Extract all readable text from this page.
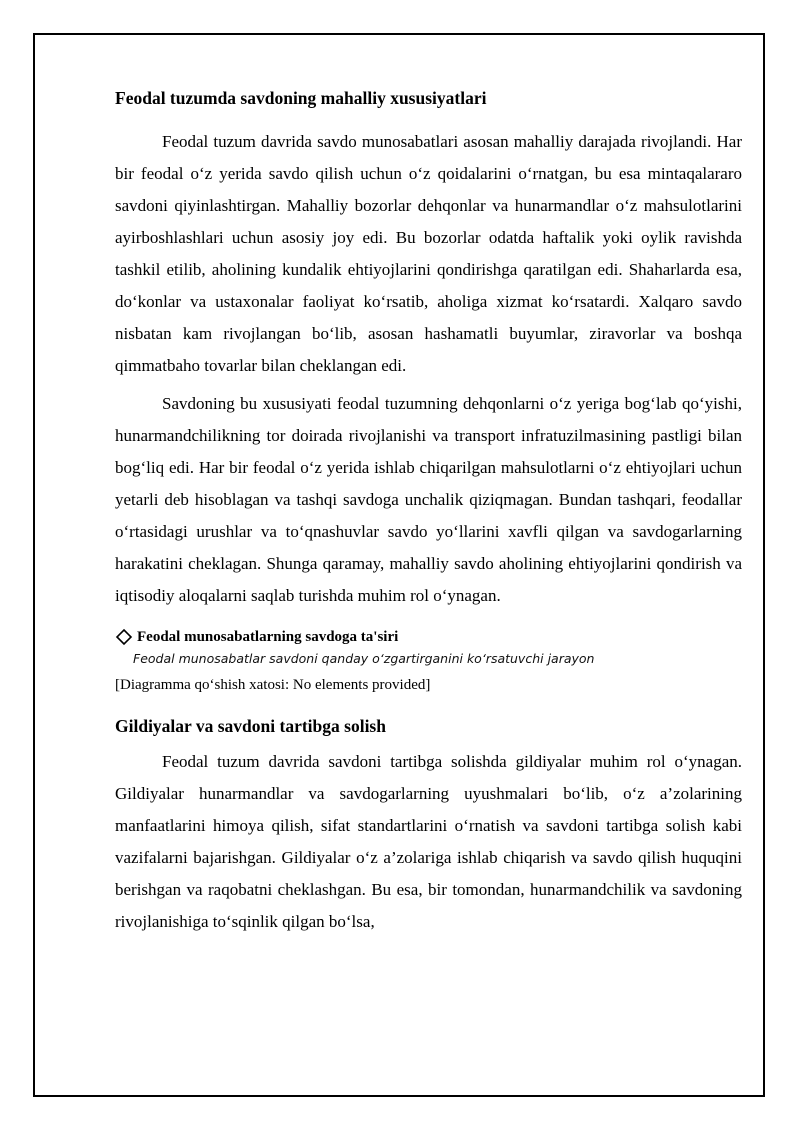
Feodal tuzumda savdoning mahalliy xususiyatlari

Feodal tuzum davrida savdo munosabatlari asosan mahalliy darajada rivojlandi. Har bir feodal o‘z yerida savdo qilish uchun o‘z qoidalarini o‘rnatgan, bu esa mintaqalararo savdoni qiyinlashtirgan. Mahalliy bozorlar dehqonlar va hunarmandlar o‘z mahsulotlarini ayirboshlashlari uchun asosiy joy edi. Bu bozorlar odatda haftalik yoki oylik ravishda tashkil etilib, aholining kundalik ehtiyojlarini qondirishga qaratilgan edi. Shaharlarda esa, do‘konlar va ustaxonalar faoliyat ko‘rsatib, aholiga xizmat ko‘rsatardi. Xalqaro savdo nisbatan kam rivojlangan bo‘lib, asosan hashamatli buyumlar, ziravorlar va boshqa qimmatbaho tovarlar bilan cheklangan edi.

Savdoning bu xususiyati feodal tuzumning dehqonlarni o‘z yeriga bog‘lab qo‘yishi, hunarmandchilikning tor doirada rivojlanishi va transport infratuzilmasining pastligi bilan bog‘liq edi. Har bir feodal o‘z yerida ishlab chiqarilgan mahsulotlarni o‘z ehtiyojlari uchun yetarli deb hisoblagan va tashqi savdoga unchalik qiziqmagan. Bundan tashqari, feodallar o‘rtasidagi urushlar va to‘qnashuvlar savdo yo‘llarini xavfli qilgan va savdogarlarning harakatini cheklagan. Shunga qaramay, mahalliy savdo aholining ehtiyojlarini qondirish va iqtisodiy aloqalarni saqlab turishda muhim rol o‘ynagan.

Feodal munosabatlarning savdoga ta'siri
Feodal munosabatlar savdoni qanday o‘zgartirganini ko‘rsatuvchi jarayon
[Diagramma qo‘shish xatosi: No elements provided]
Gildiyalar va savdoni tartibga solish

Feodal tuzum davrida savdoni tartibga solishda gildiyalar muhim rol o‘ynagan. Gildiyalar hunarmandlar va savdogarlarning uyushmalari bo‘lib, o‘z a’zolarining manfaatlarini himoya qilish, sifat standartlarini o‘rnatish va savdoni tartibga solish kabi vazifalarni bajarishgan. Gildiyalar o‘z a’zolariga ishlab chiqarish va savdo qilish huquqini berishgan va raqobatni cheklashgan. Bu esa, bir tomondan, hunarmandchilik va savdoning rivojlanishiga to‘sqinlik qilgan bo‘lsa,
